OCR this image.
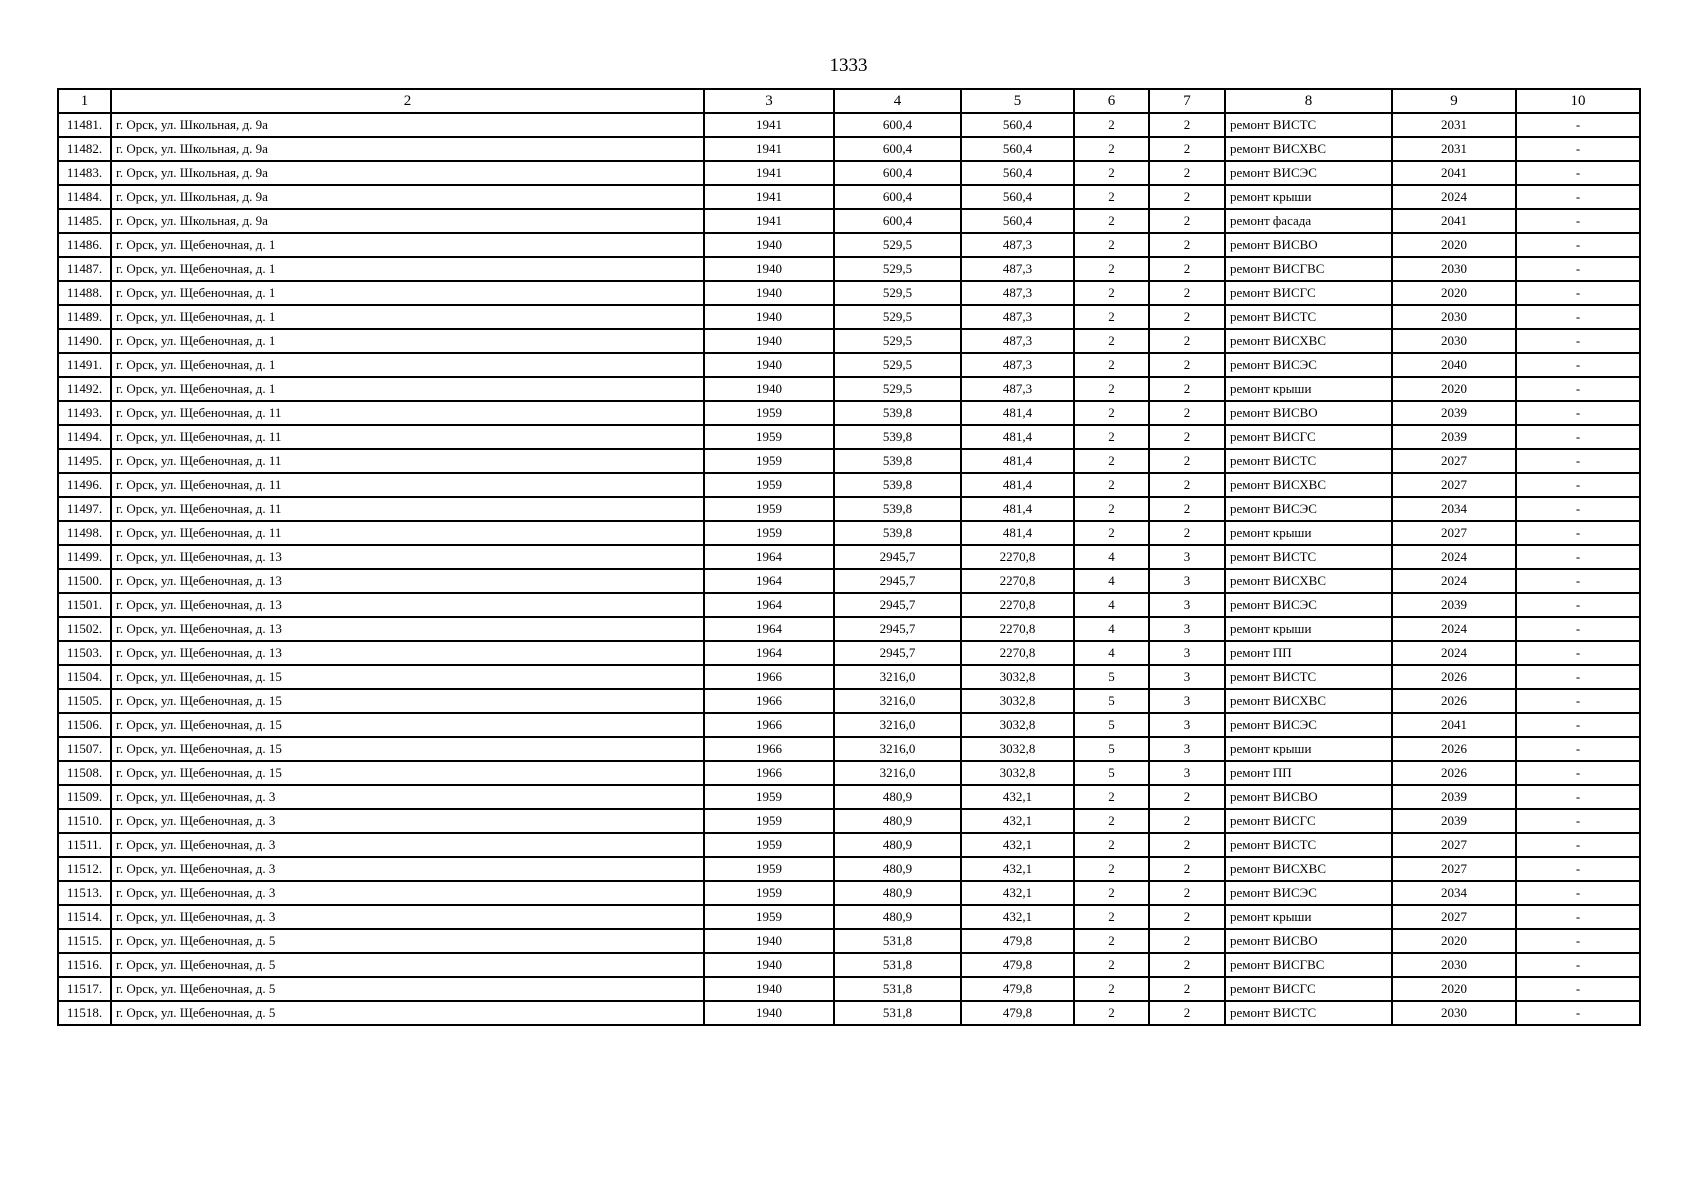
1333
1	2	3	4	5	6	7	8	9	10
11481.	г. Орск, ул. Школьная, д. 9а	1941	600,4	560,4	2	2	ремонт ВИСТС	2031	-
11482.	г. Орск, ул. Школьная, д. 9а	1941	600,4	560,4	2	2	ремонт ВИСХВС	2031	-
11483.	г. Орск, ул. Школьная, д. 9а	1941	600,4	560,4	2	2	ремонт ВИСЭС	2041	-
11484.	г. Орск, ул. Школьная, д. 9а	1941	600,4	560,4	2	2	ремонт крыши	2024	-
11485.	г. Орск, ул. Школьная, д. 9а	1941	600,4	560,4	2	2	ремонт фасада	2041	-
11486.	г. Орск, ул. Щебеночная, д. 1	1940	529,5	487,3	2	2	ремонт ВИСВО	2020	-
11487.	г. Орск, ул. Щебеночная, д. 1	1940	529,5	487,3	2	2	ремонт ВИСГВС	2030	-
11488.	г. Орск, ул. Щебеночная, д. 1	1940	529,5	487,3	2	2	ремонт ВИСГС	2020	-
11489.	г. Орск, ул. Щебеночная, д. 1	1940	529,5	487,3	2	2	ремонт ВИСТС	2030	-
11490.	г. Орск, ул. Щебеночная, д. 1	1940	529,5	487,3	2	2	ремонт ВИСХВС	2030	-
11491.	г. Орск, ул. Щебеночная, д. 1	1940	529,5	487,3	2	2	ремонт ВИСЭС	2040	-
11492.	г. Орск, ул. Щебеночная, д. 1	1940	529,5	487,3	2	2	ремонт крыши	2020	-
11493.	г. Орск, ул. Щебеночная, д. 11	1959	539,8	481,4	2	2	ремонт ВИСВО	2039	-
11494.	г. Орск, ул. Щебеночная, д. 11	1959	539,8	481,4	2	2	ремонт ВИСГС	2039	-
11495.	г. Орск, ул. Щебеночная, д. 11	1959	539,8	481,4	2	2	ремонт ВИСТС	2027	-
11496.	г. Орск, ул. Щебеночная, д. 11	1959	539,8	481,4	2	2	ремонт ВИСХВС	2027	-
11497.	г. Орск, ул. Щебеночная, д. 11	1959	539,8	481,4	2	2	ремонт ВИСЭС	2034	-
11498.	г. Орск, ул. Щебеночная, д. 11	1959	539,8	481,4	2	2	ремонт крыши	2027	-
11499.	г. Орск, ул. Щебеночная, д. 13	1964	2945,7	2270,8	4	3	ремонт ВИСТС	2024	-
11500.	г. Орск, ул. Щебеночная, д. 13	1964	2945,7	2270,8	4	3	ремонт ВИСХВС	2024	-
11501.	г. Орск, ул. Щебеночная, д. 13	1964	2945,7	2270,8	4	3	ремонт ВИСЭС	2039	-
11502.	г. Орск, ул. Щебеночная, д. 13	1964	2945,7	2270,8	4	3	ремонт крыши	2024	-
11503.	г. Орск, ул. Щебеночная, д. 13	1964	2945,7	2270,8	4	3	ремонт ПП	2024	-
11504.	г. Орск, ул. Щебеночная, д. 15	1966	3216,0	3032,8	5	3	ремонт ВИСТС	2026	-
11505.	г. Орск, ул. Щебеночная, д. 15	1966	3216,0	3032,8	5	3	ремонт ВИСХВС	2026	-
11506.	г. Орск, ул. Щебеночная, д. 15	1966	3216,0	3032,8	5	3	ремонт ВИСЭС	2041	-
11507.	г. Орск, ул. Щебеночная, д. 15	1966	3216,0	3032,8	5	3	ремонт крыши	2026	-
11508.	г. Орск, ул. Щебеночная, д. 15	1966	3216,0	3032,8	5	3	ремонт ПП	2026	-
11509.	г. Орск, ул. Щебеночная, д. 3	1959	480,9	432,1	2	2	ремонт ВИСВО	2039	-
11510.	г. Орск, ул. Щебеночная, д. 3	1959	480,9	432,1	2	2	ремонт ВИСГС	2039	-
11511.	г. Орск, ул. Щебеночная, д. 3	1959	480,9	432,1	2	2	ремонт ВИСТС	2027	-
11512.	г. Орск, ул. Щебеночная, д. 3	1959	480,9	432,1	2	2	ремонт ВИСХВС	2027	-
11513.	г. Орск, ул. Щебеночная, д. 3	1959	480,9	432,1	2	2	ремонт ВИСЭС	2034	-
11514.	г. Орск, ул. Щебеночная, д. 3	1959	480,9	432,1	2	2	ремонт крыши	2027	-
11515.	г. Орск, ул. Щебеночная, д. 5	1940	531,8	479,8	2	2	ремонт ВИСВО	2020	-
11516.	г. Орск, ул. Щебеночная, д. 5	1940	531,8	479,8	2	2	ремонт ВИСГВС	2030	-
11517.	г. Орск, ул. Щебеночная, д. 5	1940	531,8	479,8	2	2	ремонт ВИСГС	2020	-
11518.	г. Орск, ул. Щебеночная, д. 5	1940	531,8	479,8	2	2	ремонт ВИСТС	2030	-
